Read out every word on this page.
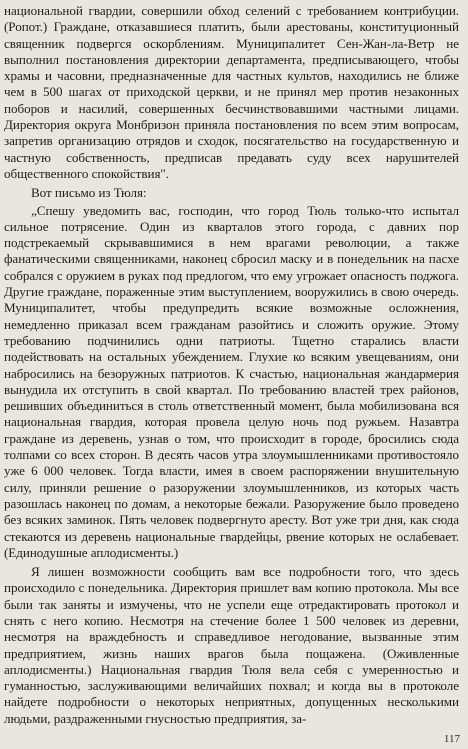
национальной гвардии, совершили обход селений с требованием контрибуции. (Ропот.) Граждане, отказавшиеся платить, были арестованы, конституционный священник подвергся оскорблениям. Муниципалитет Сен-Жан-ла-Ветр не выполнил постановления директории департамента, предписывающего, чтобы храмы и часовни, предназначенные для частных культов, находились не ближе чем в 500 шагах от приходской церкви, и не принял мер против незаконных поборов и насилий, совершенных бесчинствовавшими частными лицами. Директория округа Монбризон приняла постановления по всем этим вопросам, запретив организацию отрядов и сходок, посягательство на государственную и частную собственность, предписав предавать суду всех нарушителей общественного спокойствия".

Вот письмо из Тюля:

„Спешу уведомить вас, господин, что город Тюль только-что испытал сильное потрясение. Один из кварталов этого города, с давних пор подстрекаемый скрывавшимися в нем врагами революции, а также фанатическими священниками, наконец сбросил маску и в понедельник на пасхе собрался с оружием в руках под предлогом, что ему угрожает опасность поджога. Другие граждане, пораженные этим выступлением, вооружились в свою очередь. Муниципалитет, чтобы предупредить всякие возможные осложнения, немедленно приказал всем гражданам разойтись и сложить оружие. Этому требованию подчинились одни патриоты. Тщетно старались власти подействовать на остальных убеждением. Глухие ко всяким увещеваниям, они набросились на безоружных патриотов. К счастью, национальная жандармерия вынудила их отступить в свой квартал. По требованию властей трех районов, решивших объединиться в столь ответственный момент, была мобилизована вся национальная гвардия, которая провела целую ночь под ружьем. Назавтра граждане из деревень, узнав о том, что происходит в городе, бросились сюда толпами со всех сторон. В десять часов утра злоумышленниками противостояло уже 6 000 человек. Тогда власти, имея в своем распоряжении внушительную силу, приняли решение о разоружении злоумышленников, из которых часть разошлась наконец по домам, а некоторые бежали. Разоружение было проведено без всяких заминок. Пять человек подвергнуто аресту. Вот уже три дня, как сюда стекаются из деревень национальные гвардейцы, рвение которых не ослабевает. (Единодушные аплодисменты.)

Я лишен возможности сообщить вам все подробности того, что здесь происходило с понедельника. Директория пришлет вам копию протокола. Мы все были так заняты и измучены, что не успели еще отредактировать протокол и снять с него копию. Несмотря на стечение более 1 500 человек из деревни, несмотря на враждебность и справедливое негодование, вызванные этим предприятием, жизнь наших врагов была пощажена. (Оживленные аплодисменты.) Национальная гвардия Тюля вела себя с умеренностью и гуманностью, заслуживающими величайших похвал; и когда вы в протоколе найдете подробности о некоторых неприятных, допущенных несколькими людьми, раздраженными гнусностью предприятия, за-

117
